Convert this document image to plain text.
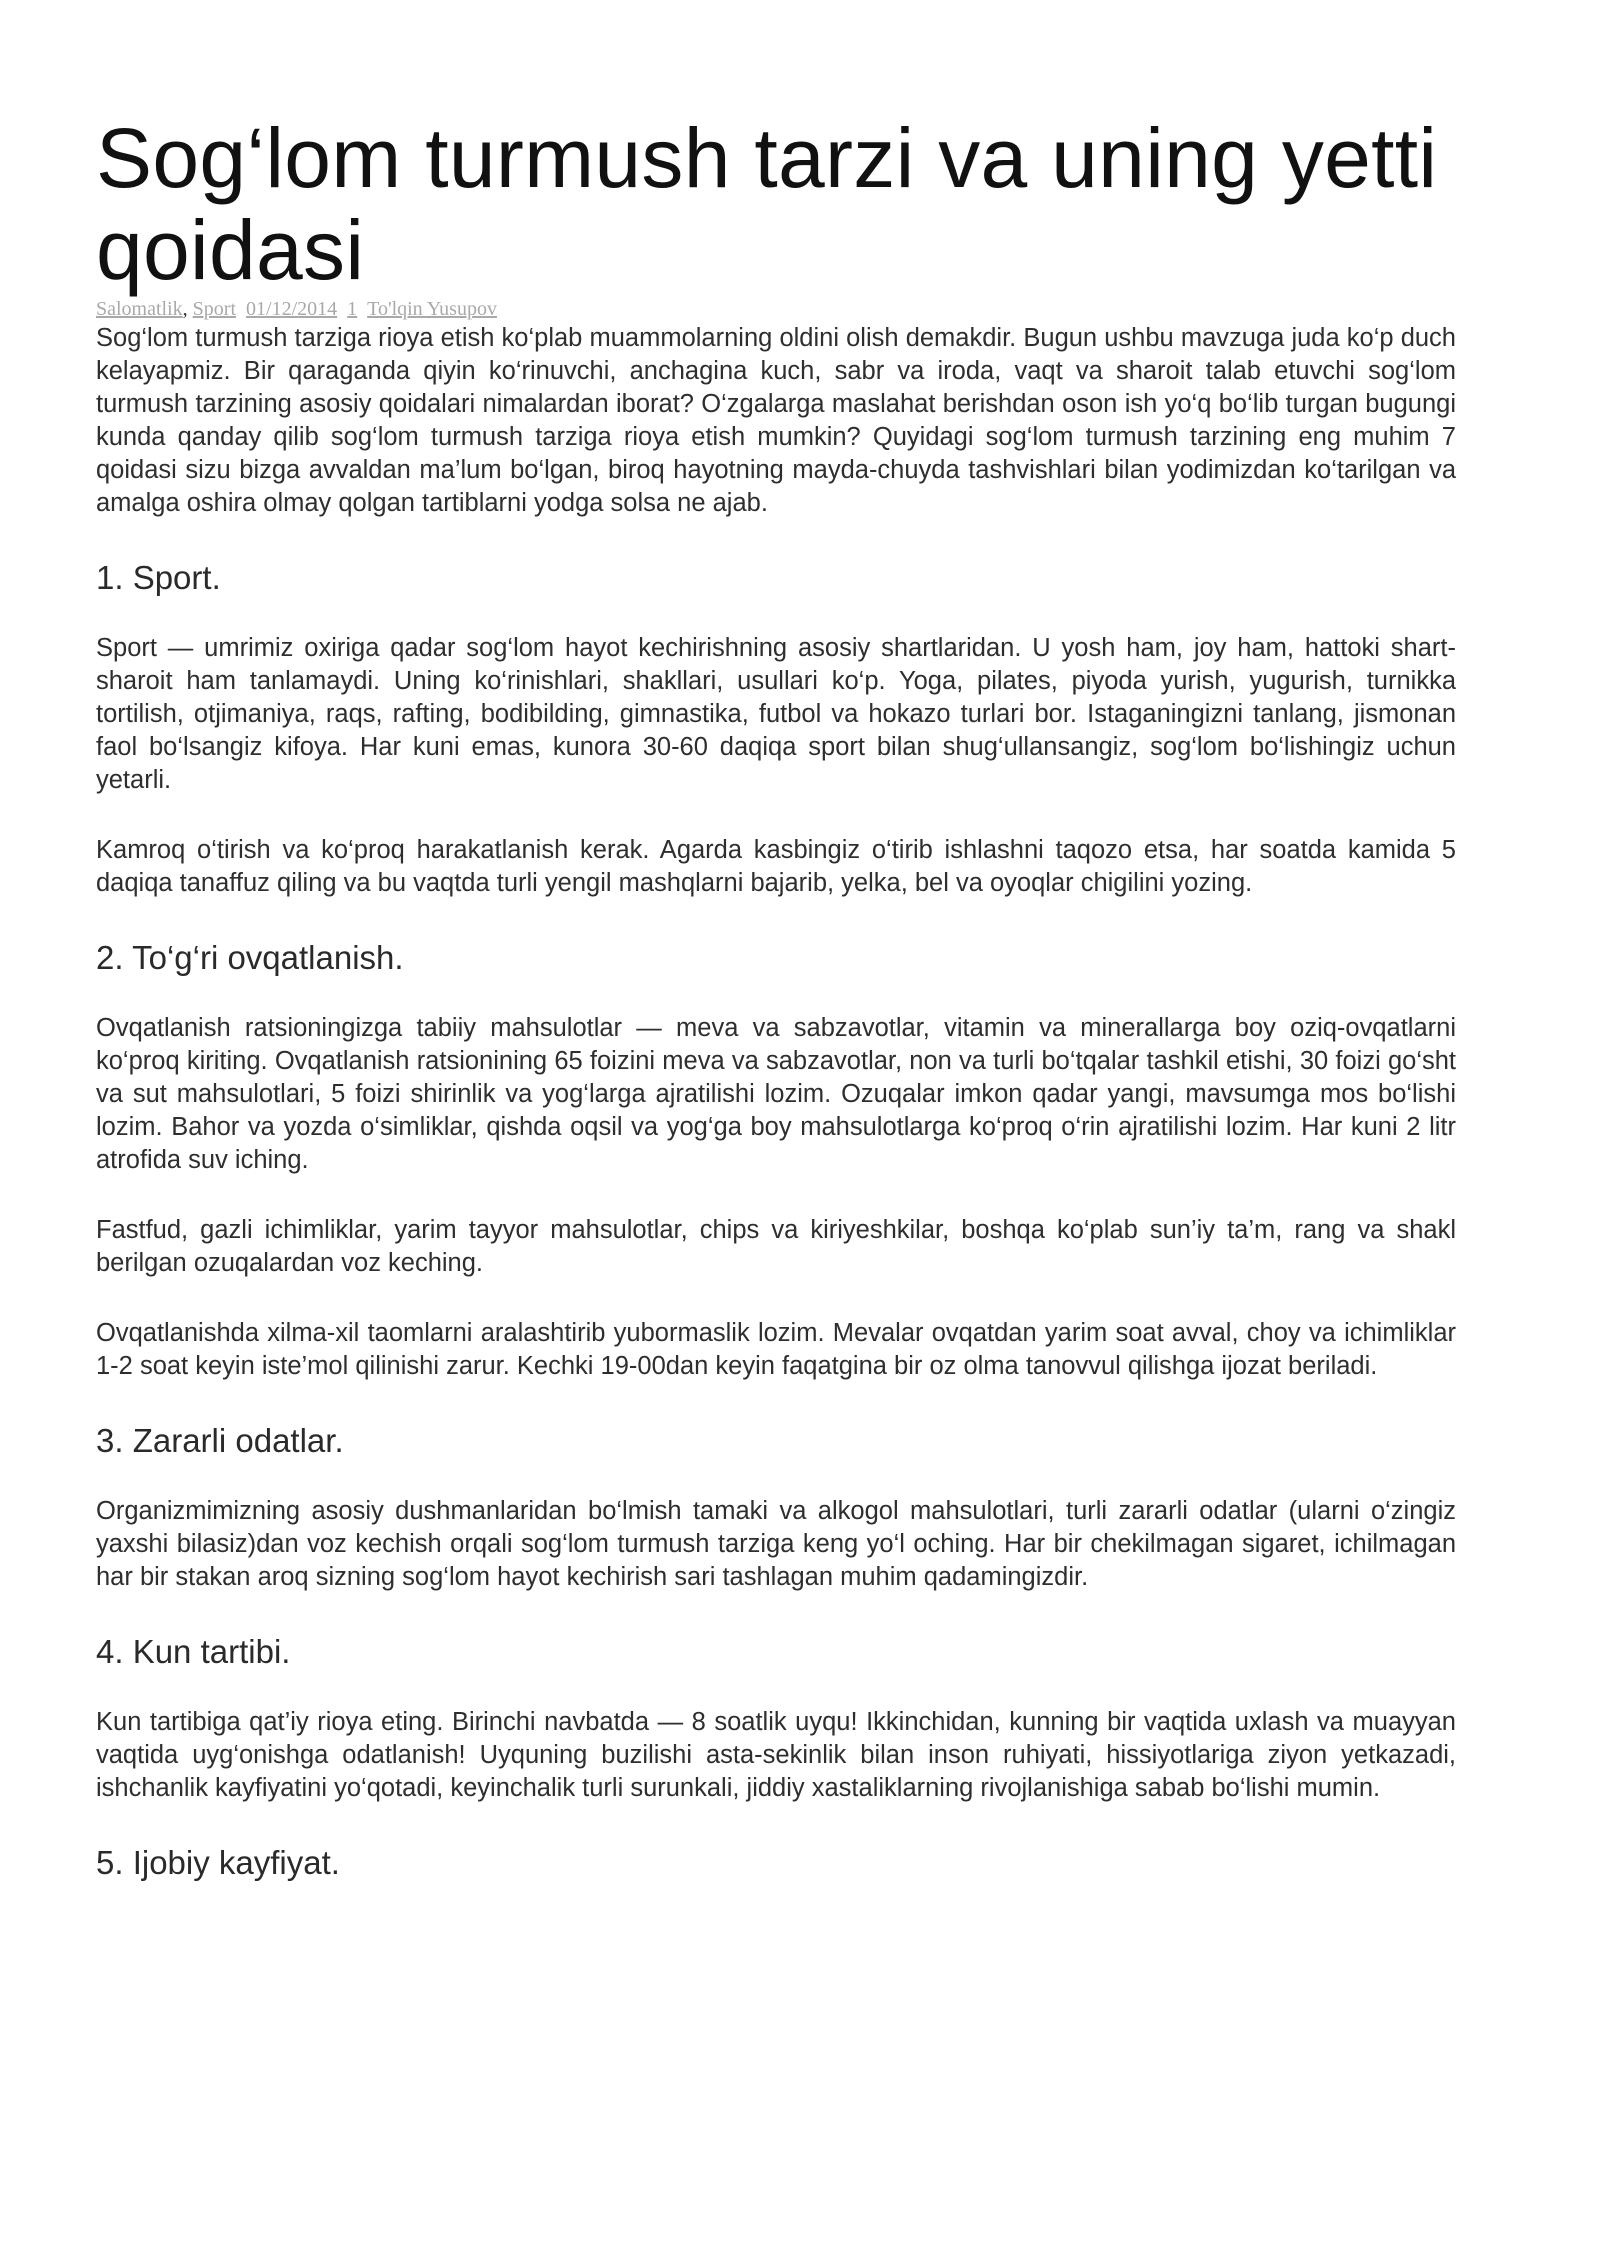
Sog‘lom turmush tarzi va uning yetti qoidasi
Salomatlik, Sport 01/12/2014 1 To'lqin Yusupov

Sog‘lom turmush tarziga rioya etish ko‘plab muammolarning oldini olish demakdir. Bugun ushbu mavzuga juda ko‘p duch kelayapmiz. Bir qaraganda qiyin ko‘rinuvchi, anchagina kuch, sabr va iroda, vaqt va sharoit talab etuvchi sog‘lom turmush tarzining asosiy qoidalari nimalardan iborat? O‘zgalarga maslahat berishdan oson ish yo‘q bo‘lib turgan bugungi kunda qanday qilib sog‘lom turmush tarziga rioya etish mumkin? Quyidagi sog‘lom turmush tarzining eng muhim 7 qoidasi sizu bizga avvaldan ma’lum bo‘lgan, biroq hayotning mayda-chuyda tashvishlari bilan yodimizdan ko‘tarilgan va amalga oshira olmay qolgan tartiblarni yodga solsa ne ajab.

1. Sport.

Sport — umrimiz oxiriga qadar sog‘lom hayot kechirishning asosiy shartlaridan. U yosh ham, joy ham, hattoki shart-sharoit ham tanlamaydi. Uning ko‘rinishlari, shakllari, usullari ko‘p. Yoga, pilates, piyoda yurish, yugurish, turnikka tortilish, otjimaniya, raqs, rafting, bodibilding, gimnastika, futbol va hokazo turlari bor. Istaganingizni tanlang, jismonan faol bo‘lsangiz kifoya. Har kuni emas, kunora 30-60 daqiqa sport bilan shug‘ullansangiz, sog‘lom bo‘lishingiz uchun yetarli.

Kamroq o‘tirish va ko‘proq harakatlanish kerak. Agarda kasbingiz o‘tirib ishlashni taqozo etsa, har soatda kamida 5 daqiqa tanaffuz qiling va bu vaqtda turli yengil mashqlarni bajarib, yelka, bel va oyoqlar chigilini yozing.

2. To‘g‘ri ovqatlanish.

Ovqatlanish ratsioningizga tabiiy mahsulotlar — meva va sabzavotlar, vitamin va minerallarga boy oziq-ovqatlarni ko‘proq kiriting. Ovqatlanish ratsionining 65 foizini meva va sabzavotlar, non va turli bo‘tqalar tashkil etishi, 30 foizi go‘sht va sut mahsulotlari, 5 foizi shirinlik va yog‘larga ajratilishi lozim. Ozuqalar imkon qadar yangi, mavsumga mos bo‘lishi lozim. Bahor va yozda o‘simliklar, qishda oqsil va yog‘ga boy mahsulotlarga ko‘proq o‘rin ajratilishi lozim. Har kuni 2 litr atrofida suv iching.

Fastfud, gazli ichimliklar, yarim tayyor mahsulotlar, chips va kiriyeshkilar, boshqa ko‘plab sun’iy ta’m, rang va shakl berilgan ozuqalardan voz keching.

Ovqatlanishda xilma-xil taomlarni aralashtirib yubormaslik lozim. Mevalar ovqatdan yarim soat avval, choy va ichimliklar 1-2 soat keyin iste’mol qilinishi zarur. Kechki 19-00dan keyin faqatgina bir oz olma tanovvul qilishga ijozat beriladi.

3. Zararli odatlar.

Organizmimizning asosiy dushmanlaridan bo‘lmish tamaki va alkogol mahsulotlari, turli zararli odatlar (ularni o‘zingiz yaxshi bilasiz)dan voz kechish orqali sog‘lom turmush tarziga keng yo‘l oching. Har bir chekilmagan sigaret, ichilmagan har bir stakan aroq sizning sog‘lom hayot kechirish sari tashlagan muhim qadamingizdir.

4. Kun tartibi.

Kun tartibiga qat’iy rioya eting. Birinchi navbatda — 8 soatlik uyqu! Ikkinchidan, kunning bir vaqtida uxlash va muayyan vaqtida uyg‘onishga odatlanish! Uyquning buzilishi asta-sekinlik bilan inson ruhiyati, hissiyotlariga ziyon yetkazadi, ishchanlik kayfiyatini yo‘qotadi, keyinchalik turli surunkali, jiddiy xastaliklarning rivojlanishiga sabab bo‘lishi mumin.

5. Ijobiy kayfiyat.
